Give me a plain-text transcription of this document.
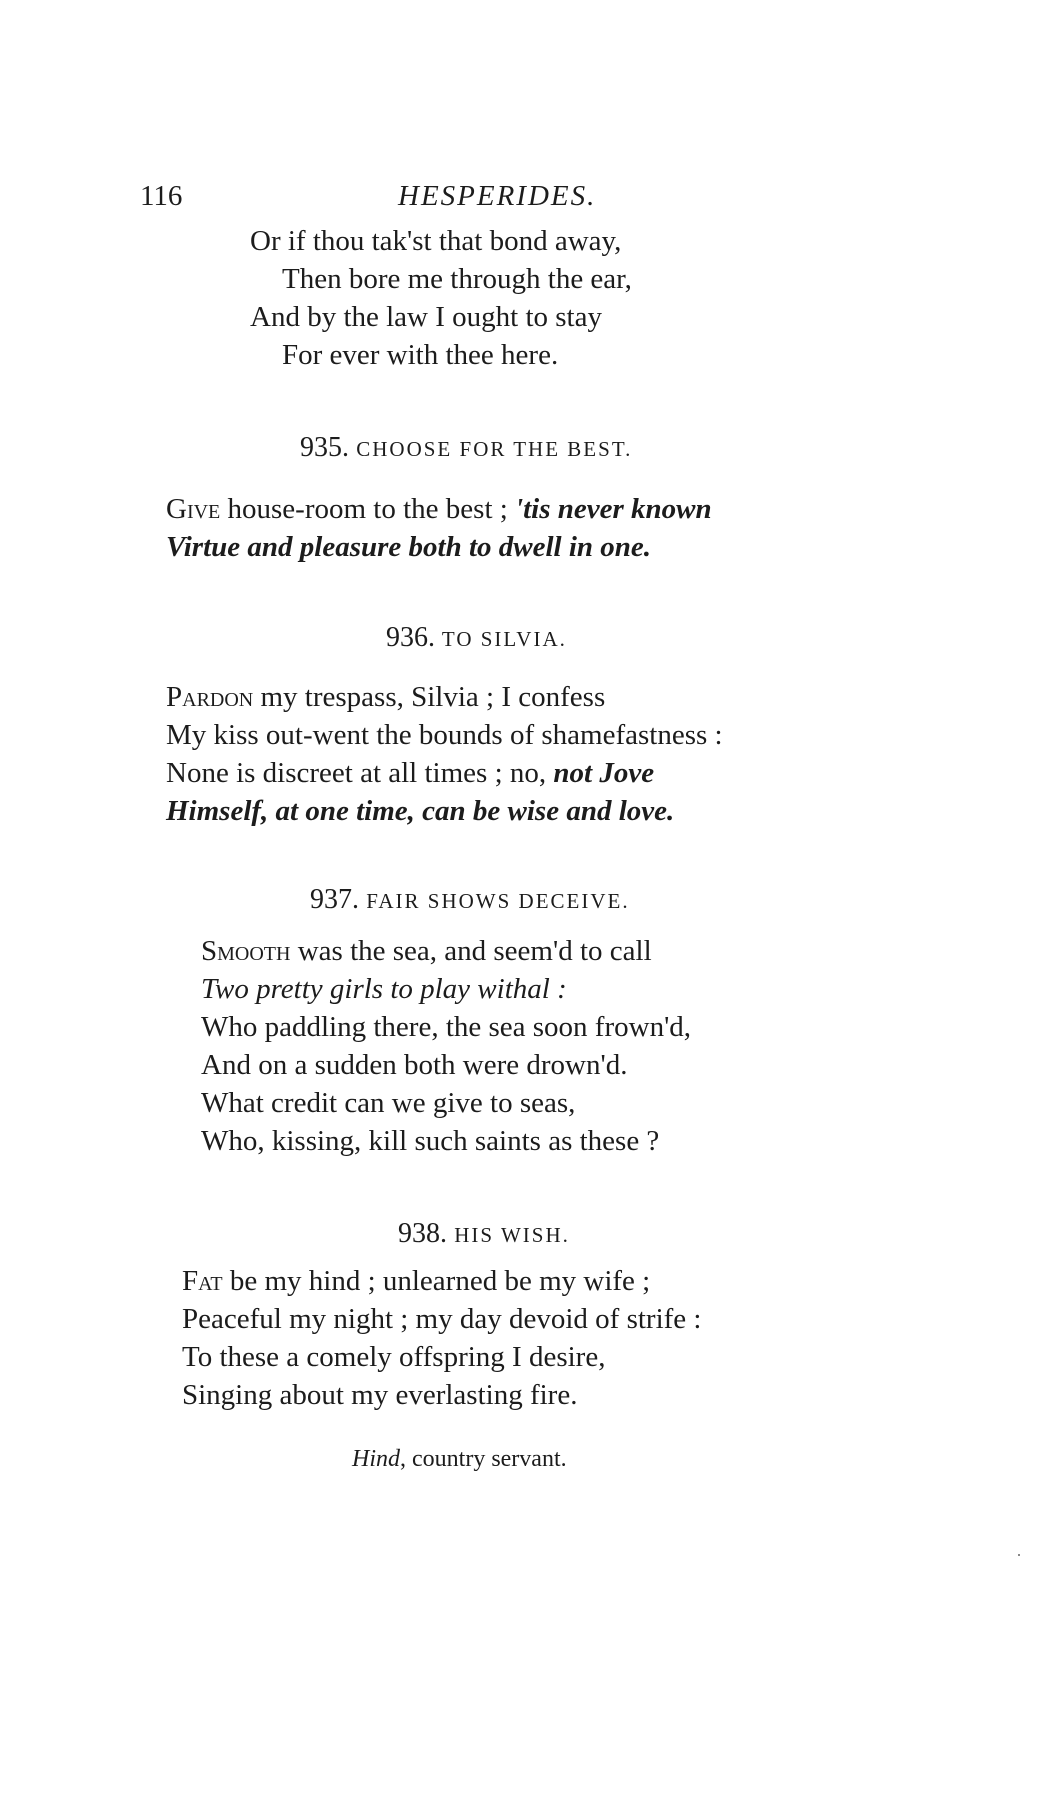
116	HESPERIDES.
Or if thou tak'st that bond away,
Then bore me through the ear,
And by the law I ought to stay
For ever with thee here.
935. CHOOSE FOR THE BEST.
Give house-room to the best ; 'tis never known
Virtue and pleasure both to dwell in one.
936. TO SILVIA.
Pardon my trespass, Silvia ; I confess
My kiss out-went the bounds of shamefastness :
None is discreet at all times ; no, not Jove
Himself, at one time, can be wise and love.
937. FAIR SHOWS DECEIVE.
Smooth was the sea, and seem'd to call
Two pretty girls to play withal :
Who paddling there, the sea soon frown'd,
And on a sudden both were drown'd.
What credit can we give to seas,
Who, kissing, kill such saints as these ?
938. HIS WISH.
Fat be my hind ; unlearned be my wife ;
Peaceful my night ; my day devoid of strife :
To these a comely offspring I desire,
Singing about my everlasting fire.
Hind, country servant.
